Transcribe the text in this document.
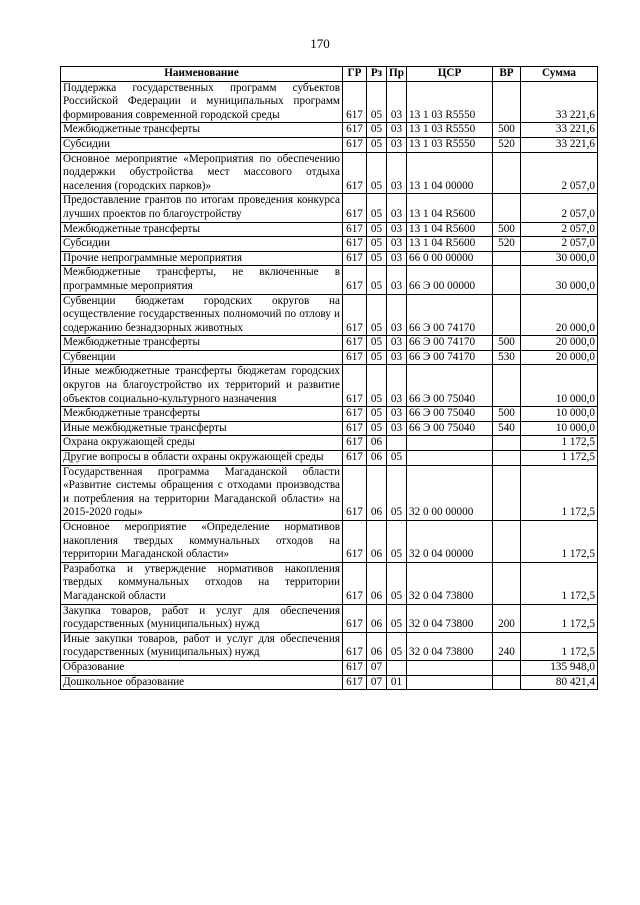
170
Наименование	ГР	Рз	Пр	ЦСР	ВР	Сумма
Поддержка государственных программ субъектов Российской Федерации и муниципальных программ формирования современной городской среды	617	05	03	13 1 03 R5550		33 221,6
Межбюджетные трансферты	617	05	03	13 1 03 R5550	500	33 221,6
Субсидии	617	05	03	13 1 03 R5550	520	33 221,6
Основное мероприятие «Мероприятия по обеспечению поддержки обустройства мест массового отдыха населения (городских парков)»	617	05	03	13 1 04 00000		2 057,0
Предоставление грантов по итогам проведения конкурса лучших проектов по благоустройству	617	05	03	13 1 04 R5600		2 057,0
Межбюджетные трансферты	617	05	03	13 1 04 R5600	500	2 057,0
Субсидии	617	05	03	13 1 04 R5600	520	2 057,0
Прочие непрограммные мероприятия	617	05	03	66 0 00 00000		30 000,0
Межбюджетные трансферты, не включенные в программные мероприятия	617	05	03	66 Э 00 00000		30 000,0
Субвенции бюджетам городских округов на осуществление государственных полномочий по отлову и содержанию безнадзорных животных	617	05	03	66 Э 00 74170		20 000,0
Межбюджетные трансферты	617	05	03	66 Э 00 74170	500	20 000,0
Субвенции	617	05	03	66 Э 00 74170	530	20 000,0
Иные межбюджетные трансферты бюджетам городских округов на благоустройство их территорий и развитие объектов социально-культурного назначения	617	05	03	66 Э 00 75040		10 000,0
Межбюджетные трансферты	617	05	03	66 Э 00 75040	500	10 000,0
Иные межбюджетные трансферты	617	05	03	66 Э 00 75040	540	10 000,0
Охрана окружающей среды	617	06				1 172,5
Другие вопросы в области охраны окружающей среды	617	06	05			1 172,5
Государственная программа Магаданской области «Развитие системы обращения с отходами производства и потребления на территории Магаданской области» на 2015-2020 годы»	617	06	05	32 0 00 00000		1 172,5
Основное мероприятие «Определение нормативов накопления твердых коммунальных отходов на территории Магаданской области»	617	06	05	32 0 04 00000		1 172,5
Разработка и утверждение нормативов накопления твердых коммунальных отходов на территории Магаданской области	617	06	05	32 0 04 73800		1 172,5
Закупка товаров, работ и услуг для обеспечения государственных (муниципальных) нужд	617	06	05	32 0 04 73800	200	1 172,5
Иные закупки товаров, работ и услуг для обеспечения государственных (муниципальных) нужд	617	06	05	32 0 04 73800	240	1 172,5
Образование	617	07				135 948,0
Дошкольное образование	617	07	01			80 421,4
